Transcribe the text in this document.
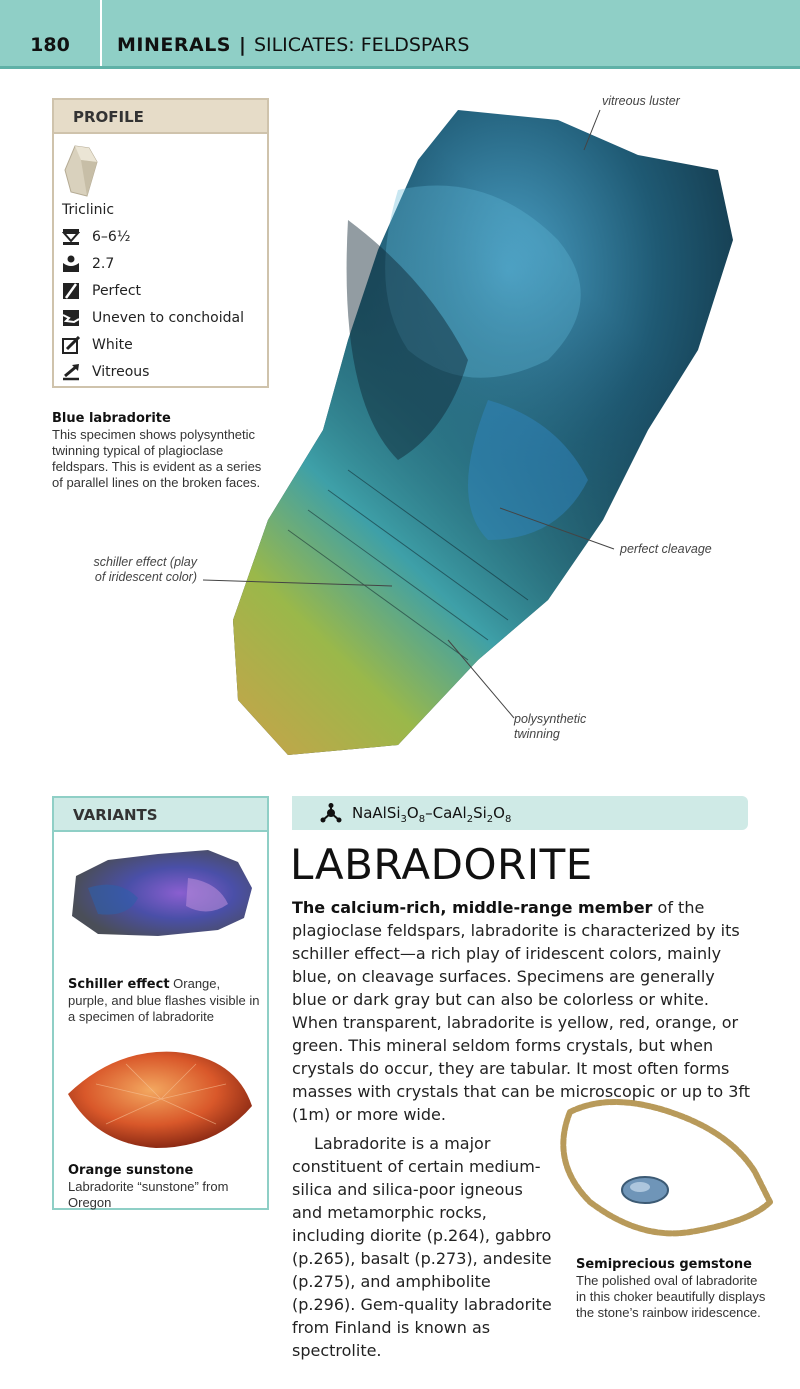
180	MINERALS | SILICATES: FELDSPARS
PROFILE
Triclinic
6–6½
2.7
Perfect
Uneven to conchoidal
White
Vitreous
Blue labradorite
This specimen shows polysynthetic twinning typical of plagioclase feldspars. This is evident as a series of parallel lines on the broken faces.
vitreous luster
perfect cleavage
schiller effect (play
of iridescent color)
polysynthetic
twinning
VARIANTS
Schiller effect Orange, purple, and blue flashes visible in a specimen of labradorite
Orange sunstone Labradorite “sunstone” from Oregon
$NaAlSi_3O_8-CaAl_2Si_2O_8$
LABRADORITE
The calcium-rich, middle-range member of the plagioclase feldspars, labradorite is characterized by its schiller effect—a rich play of iridescent colors, mainly blue, on cleavage surfaces. Specimens are generally blue or dark gray but can also be colorless or white. When transparent, labradorite is yellow, red, orange, or green. This mineral seldom forms crystals, but when crystals do occur, they are tabular. It most often forms masses with crystals that can be microscopic or up to 3ft (1m) or more wide.
Labradorite is a major constituent of certain medium-silica and silica-poor igneous and metamorphic rocks, including diorite (p.264), gabbro (p.265), basalt (p.273), andesite (p.275), and amphibolite (p.296). Gem-quality labradorite from Finland is known as spectrolite.
Semiprecious gemstone
The polished oval of labradorite in this choker beautifully displays the stone’s rainbow iridescence.
